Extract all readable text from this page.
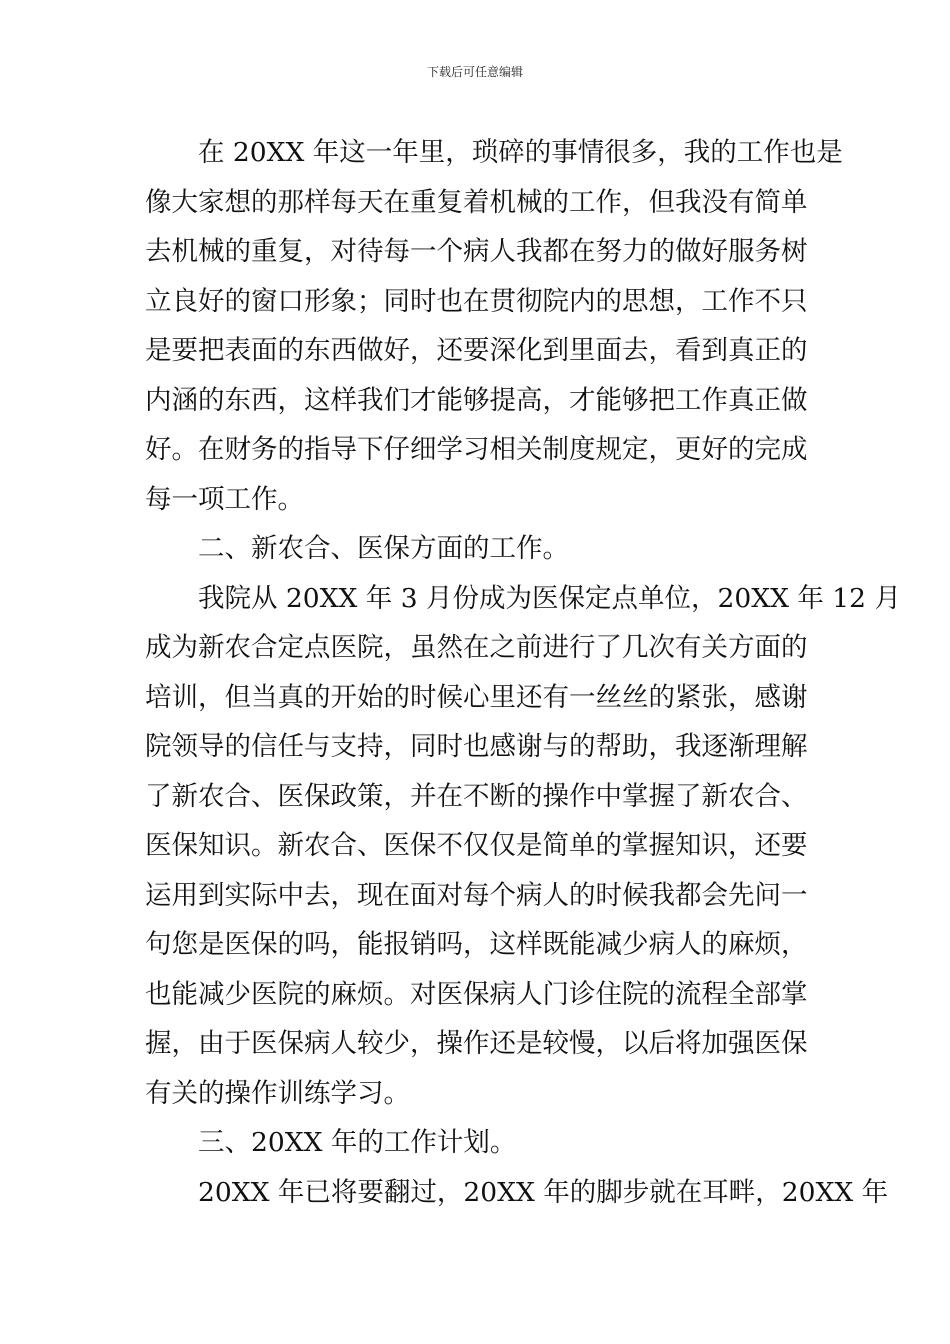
下载后可任意编辑
在 20XX 年这一年里，琐碎的事情很多，我的工作也是
像大家想的那样每天在重复着机械的工作，但我没有简单
去机械的重复，对待每一个病人我都在努力的做好服务树
立良好的窗口形象；同时也在贯彻院内的思想，工作不只
是要把表面的东西做好，还要深化到里面去，看到真正的
内涵的东西，这样我们才能够提高，才能够把工作真正做
好。在财务的指导下仔细学习相关制度规定，更好的完成
每一项工作。
二、新农合、医保方面的工作。
我院从 20XX 年 3 月份成为医保定点单位，20XX 年 12 月
成为新农合定点医院，虽然在之前进行了几次有关方面的
培训，但当真的开始的时候心里还有一丝丝的紧张，感谢
院领导的信任与支持，同时也感谢与的帮助，我逐渐理解
了新农合、医保政策，并在不断的操作中掌握了新农合、
医保知识。新农合、医保不仅仅是简单的掌握知识，还要
运用到实际中去，现在面对每个病人的时候我都会先问一
句您是医保的吗，能报销吗，这样既能减少病人的麻烦，
也能减少医院的麻烦。对医保病人门诊住院的流程全部掌
握，由于医保病人较少，操作还是较慢，以后将加强医保
有关的操作训练学习。
三、20XX 年的工作计划。
20XX 年已将要翻过，20XX 年的脚步就在耳畔，20XX 年
